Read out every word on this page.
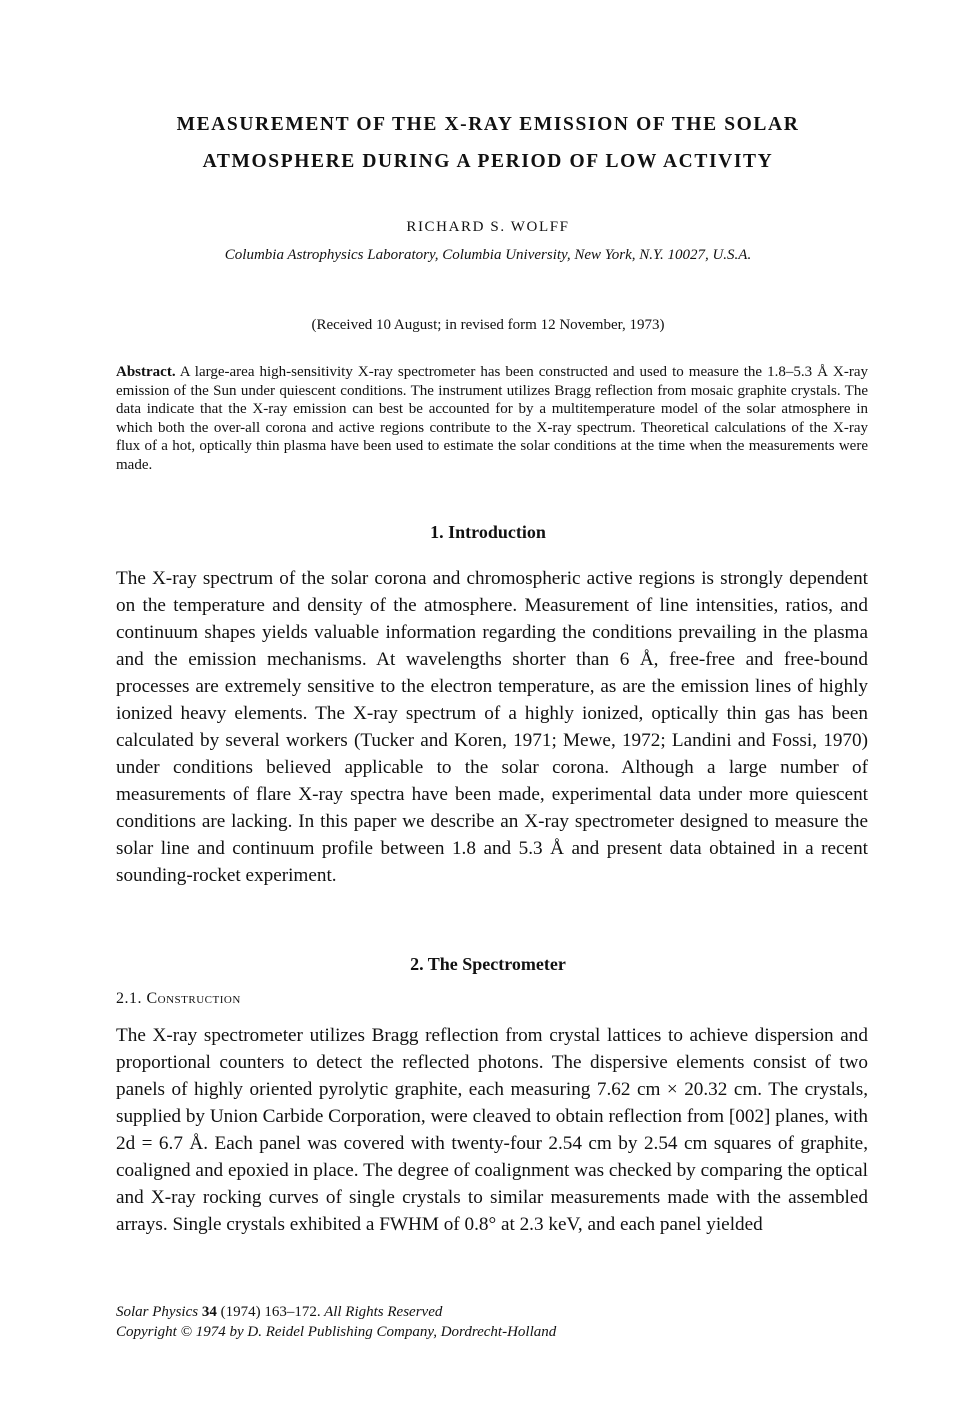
MEASUREMENT OF THE X-RAY EMISSION OF THE SOLAR
ATMOSPHERE DURING A PERIOD OF LOW ACTIVITY
RICHARD S. WOLFF
Columbia Astrophysics Laboratory, Columbia University, New York, N.Y. 10027, U.S.A.
(Received 10 August; in revised form 12 November, 1973)

Abstract. A large-area high-sensitivity X-ray spectrometer has been constructed and used to measure the 1.8–5.3 Å X-ray emission of the Sun under quiescent conditions. The instrument utilizes Bragg reflection from mosaic graphite crystals. The data indicate that the X-ray emission can best be accounted for by a multitemperature model of the solar atmosphere in which both the over-all corona and active regions contribute to the X-ray spectrum. Theoretical calculations of the X-ray flux of a hot, optically thin plasma have been used to estimate the solar conditions at the time when the measurements were made.

1. Introduction

The X-ray spectrum of the solar corona and chromospheric active regions is strongly dependent on the temperature and density of the atmosphere. Measurement of line intensities, ratios, and continuum shapes yields valuable information regarding the conditions prevailing in the plasma and the emission mechanisms. At wavelengths shorter than 6 Å, free-free and free-bound processes are extremely sensitive to the electron temperature, as are the emission lines of highly ionized heavy elements. The X-ray spectrum of a highly ionized, optically thin gas has been calculated by several workers (Tucker and Koren, 1971; Mewe, 1972; Landini and Fossi, 1970) under conditions believed applicable to the solar corona. Although a large number of measurements of flare X-ray spectra have been made, experimental data under more quiescent conditions are lacking. In this paper we describe an X-ray spectrometer designed to measure the solar line and continuum profile between 1.8 and 5.3 Å and present data obtained in a recent sounding-rocket experiment.

2. The Spectrometer
2.1. Construction

The X-ray spectrometer utilizes Bragg reflection from crystal lattices to achieve dispersion and proportional counters to detect the reflected photons. The dispersive elements consist of two panels of highly oriented pyrolytic graphite, each measuring 7.62 cm × 20.32 cm. The crystals, supplied by Union Carbide Corporation, were cleaved to obtain reflection from [002] planes, with 2d = 6.7 Å. Each panel was covered with twenty-four 2.54 cm by 2.54 cm squares of graphite, coaligned and epoxied in place. The degree of coalignment was checked by comparing the optical and X-ray rocking curves of single crystals to similar measurements made with the assembled arrays. Single crystals exhibited a FWHM of 0.8° at 2.3 keV, and each panel yielded

Solar Physics 34 (1974) 163–172. All Rights Reserved
Copyright © 1974 by D. Reidel Publishing Company, Dordrecht-Holland
